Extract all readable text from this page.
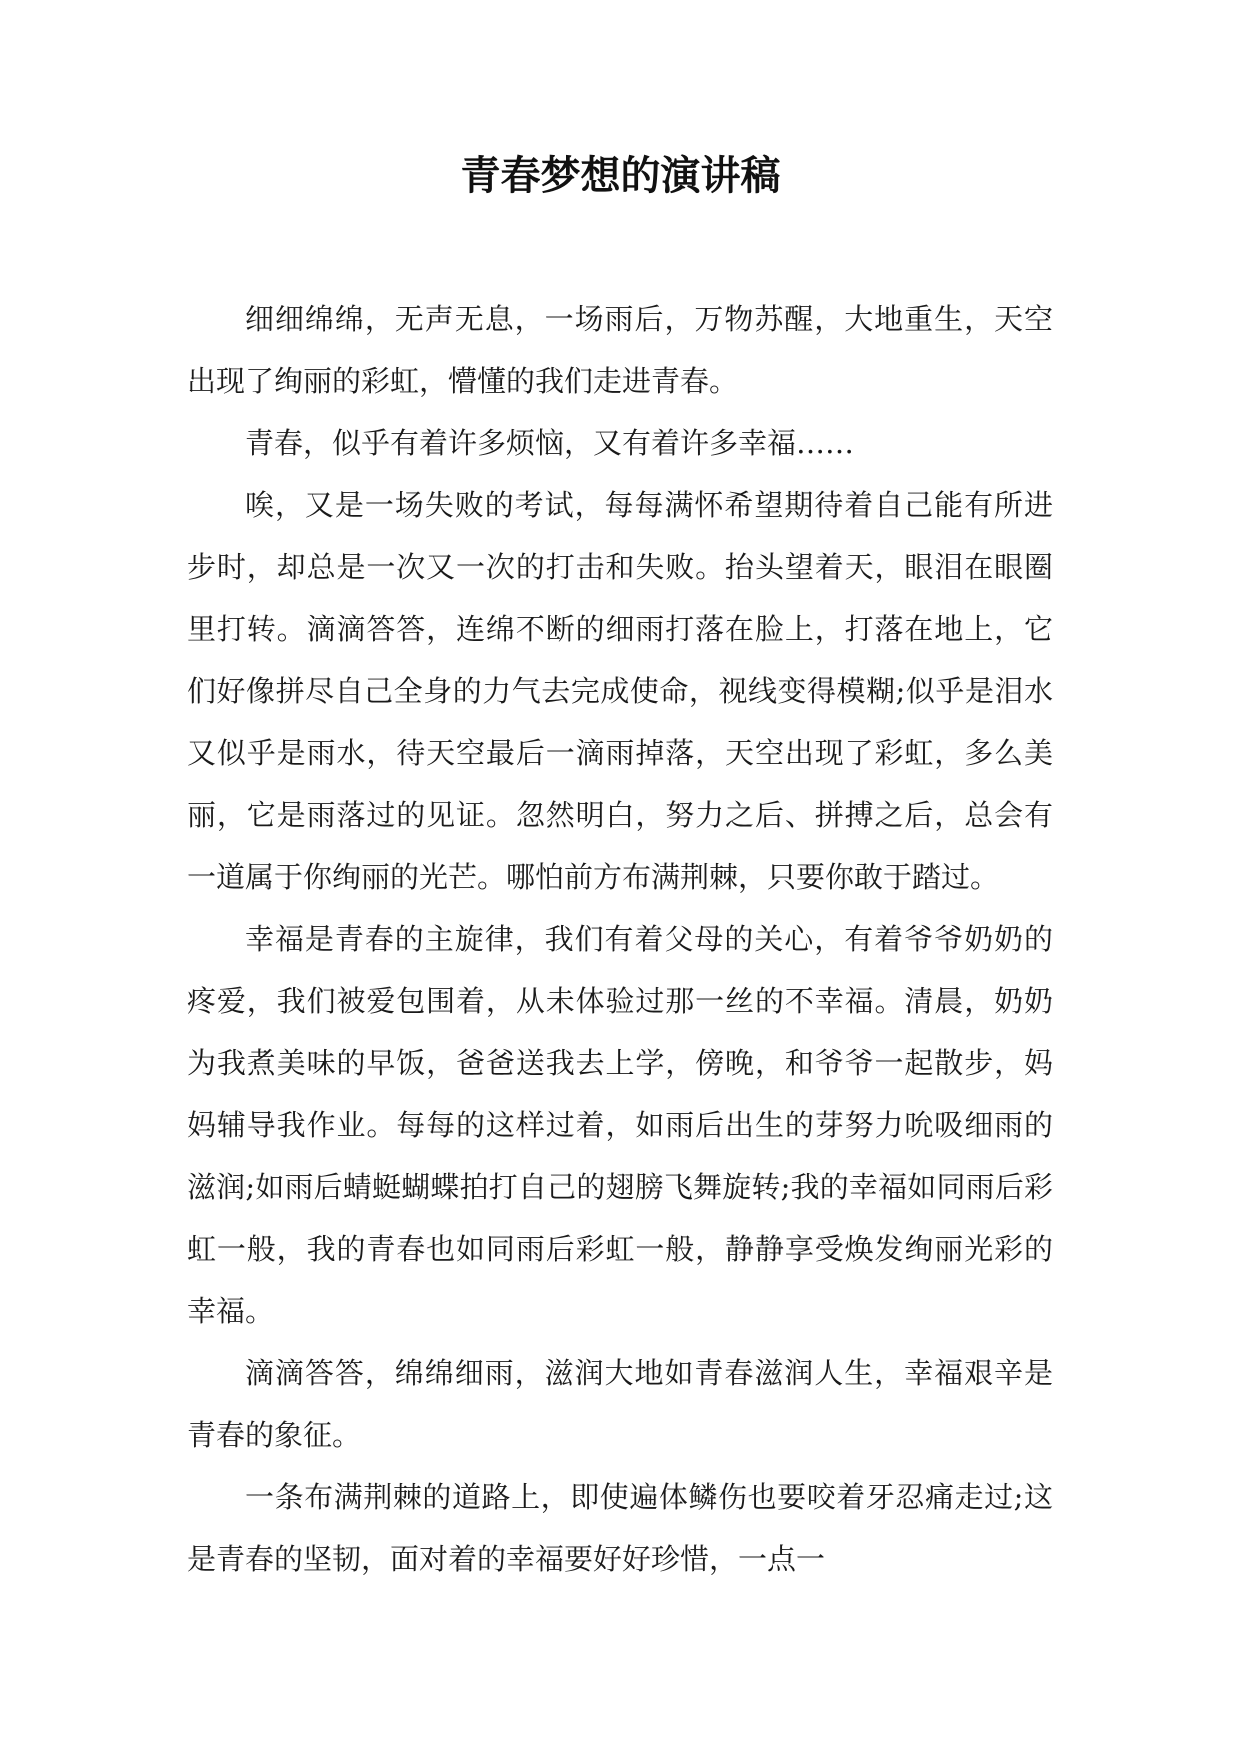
青春梦想的演讲稿

细细绵绵，无声无息，一场雨后，万物苏醒，大地重生，天空出现了绚丽的彩虹，懵懂的我们走进青春。

青春，似乎有着许多烦恼，又有着许多幸福……

唉，又是一场失败的考试，每每满怀希望期待着自己能有所进步时，却总是一次又一次的打击和失败。抬头望着天，眼泪在眼圈里打转。滴滴答答，连绵不断的细雨打落在脸上，打落在地上，它们好像拼尽自己全身的力气去完成使命，视线变得模糊;似乎是泪水又似乎是雨水，待天空最后一滴雨掉落，天空出现了彩虹，多么美丽，它是雨落过的见证。忽然明白，努力之后、拼搏之后，总会有一道属于你绚丽的光芒。哪怕前方布满荆棘，只要你敢于踏过。

幸福是青春的主旋律，我们有着父母的关心，有着爷爷奶奶的疼爱，我们被爱包围着，从未体验过那一丝的不幸福。清晨，奶奶为我煮美味的早饭，爸爸送我去上学，傍晚，和爷爷一起散步，妈妈辅导我作业。每每的这样过着，如雨后出生的芽努力吮吸细雨的滋润;如雨后蜻蜓蝴蝶拍打自己的翅膀飞舞旋转;我的幸福如同雨后彩虹一般，我的青春也如同雨后彩虹一般，静静享受焕发绚丽光彩的幸福。

滴滴答答，绵绵细雨，滋润大地如青春滋润人生，幸福艰辛是青春的象征。

一条布满荆棘的道路上，即使遍体鳞伤也要咬着牙忍痛走过;这是青春的坚韧，面对着的幸福要好好珍惜，一点一
